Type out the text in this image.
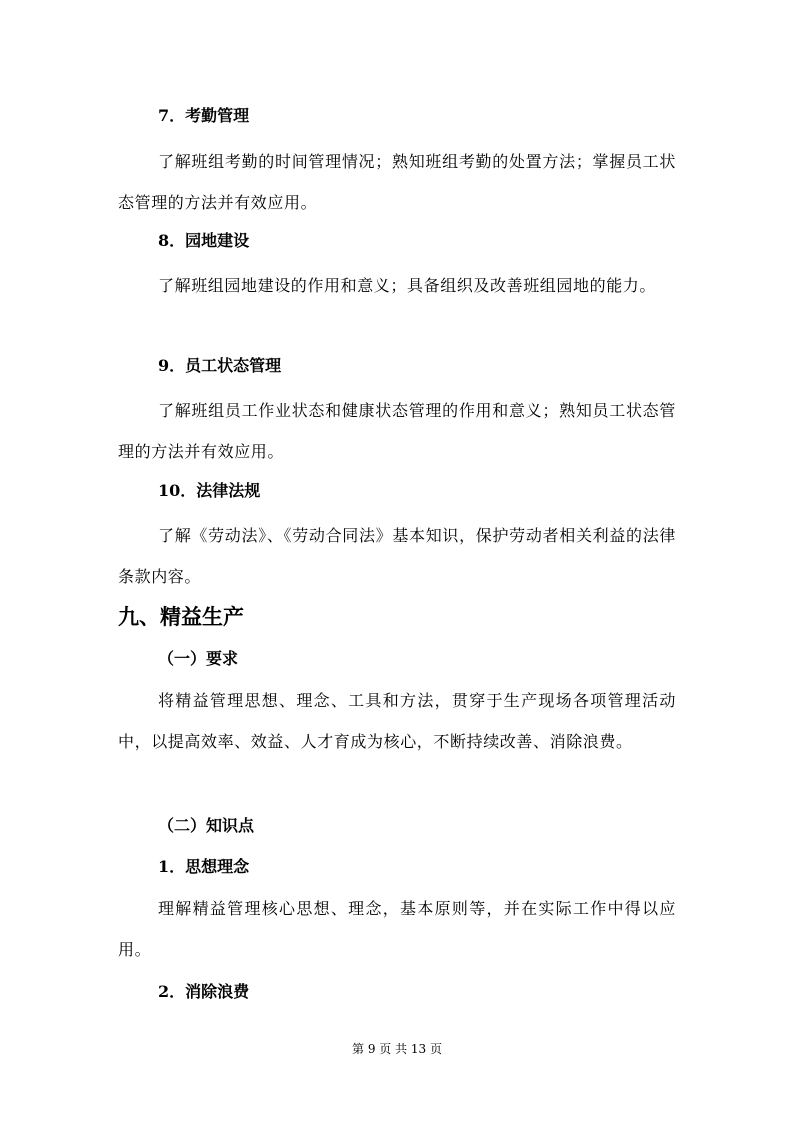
7．考勤管理

了解班组考勤的时间管理情况；熟知班组考勤的处置方法；掌握员工状态管理的方法并有效应用。

8．园地建设

了解班组园地建设的作用和意义；具备组织及改善班组园地的能力。

9．员工状态管理

了解班组员工作业状态和健康状态管理的作用和意义；熟知员工状态管理的方法并有效应用。

10．法律法规

了解《劳动法》、《劳动合同法》基本知识，保护劳动者相关利益的法律条款内容。

九、精益生产

（一）要求

将精益管理思想、理念、工具和方法，贯穿于生产现场各项管理活动中，以提高效率、效益、人才育成为核心，不断持续改善、消除浪费。

（二）知识点

1．思想理念

理解精益管理核心思想、理念，基本原则等，并在实际工作中得以应用。

2．消除浪费

第 9 页 共 13 页
